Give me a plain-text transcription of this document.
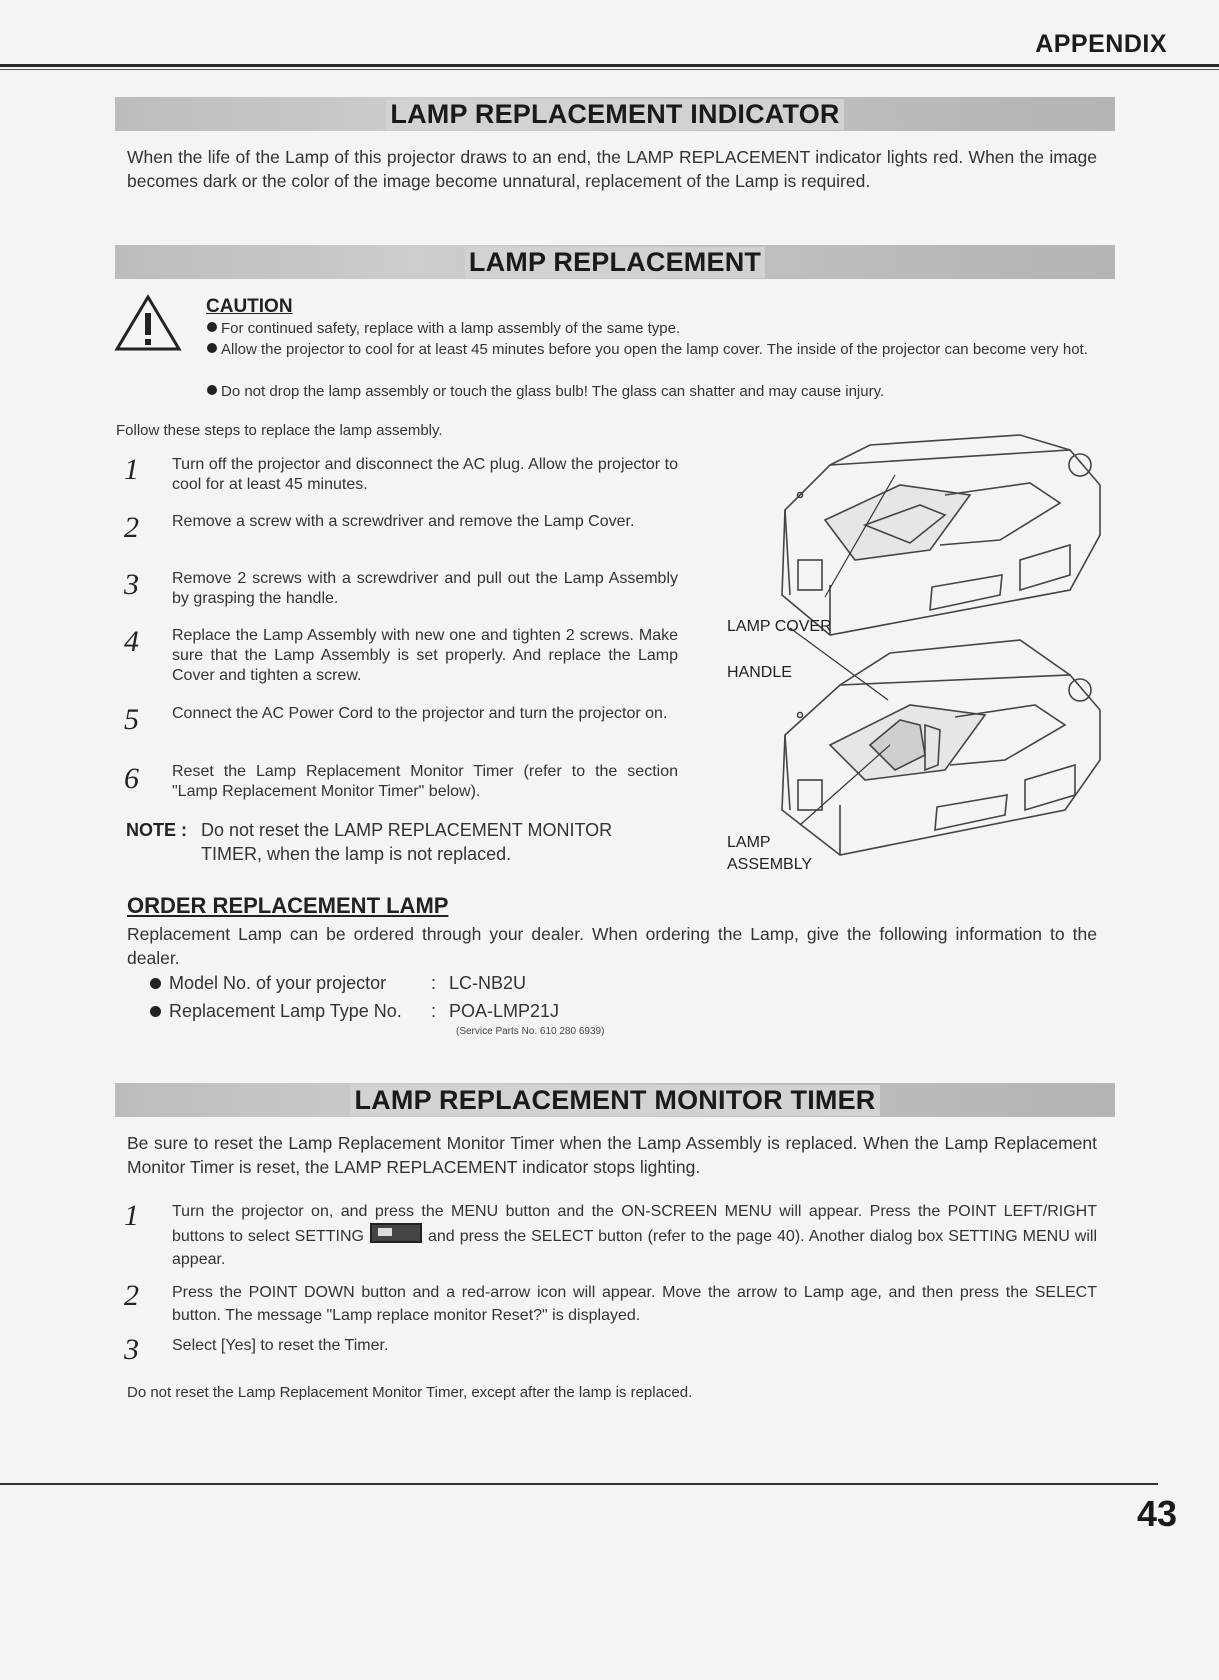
APPENDIX
LAMP REPLACEMENT INDICATOR
When the life of the Lamp of this projector draws to an end, the LAMP REPLACEMENT indicator lights red. When the image becomes dark or the color of the image become unnatural, replacement of the Lamp is required.
LAMP REPLACEMENT
CAUTION
For continued safety, replace with a lamp assembly of the same type.
Allow the projector to cool for at least 45 minutes before you open the lamp cover. The inside of the projector can become very hot.
Do not drop the lamp assembly or touch the glass bulb! The glass can shatter and may cause injury.
Follow these steps to replace the lamp assembly.
1 Turn off the projector and disconnect the AC plug. Allow the projector to cool for at least 45 minutes.
2 Remove a screw with a screwdriver and remove the Lamp Cover.
3 Remove 2 screws with a screwdriver and pull out the Lamp Assembly by grasping the handle.
4 Replace the Lamp Assembly with new one and tighten 2 screws. Make sure that the Lamp Assembly is set properly. And replace the Lamp Cover and tighten a screw.
5 Connect the AC Power Cord to the projector and turn the projector on.
6 Reset the Lamp Replacement Monitor Timer (refer to the section "Lamp Replacement Monitor Timer" below).
NOTE : Do not reset the LAMP REPLACEMENT MONITOR
TIMER, when the lamp is not replaced.
LAMP COVER
HANDLE
LAMP
ASSEMBLY
ORDER REPLACEMENT LAMP
Replacement Lamp can be ordered through your dealer. When ordering the Lamp, give the following information to the dealer.
Model No. of your projector	: LC-NB2U
Replacement Lamp Type No.	: POA-LMP21J
(Service Parts No. 610 280 6939)
LAMP REPLACEMENT MONITOR TIMER
Be sure to reset the Lamp Replacement Monitor Timer when the Lamp Assembly is replaced. When the Lamp Replacement Monitor Timer is reset, the LAMP REPLACEMENT indicator stops lighting.
1 Turn the projector on, and press the MENU button and the ON-SCREEN MENU will appear. Press the POINT LEFT/RIGHT buttons to select SETTING	and press the SELECT button (refer to the page 40). Another dialog box SETTING MENU will appear.
2 Press the POINT DOWN button and a red-arrow icon will appear. Move the arrow to Lamp age, and then press the SELECT button. The message "Lamp replace monitor Reset?" is displayed.
3 Select [Yes] to reset the Timer.
Do not reset the Lamp Replacement Monitor Timer, except after the lamp is replaced.
43
